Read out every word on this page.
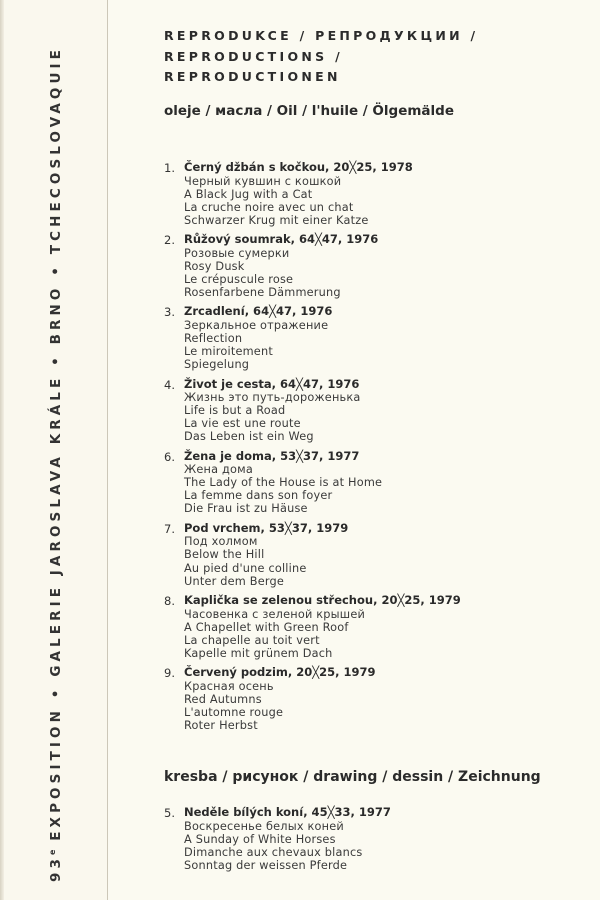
93e EXPOSITION • GALERIE JAROSLAVA KRÁLE • BRNO • TCHECOSLOVAQUIE
REPRODUKCE / РЕПРОДУКЦИИ /
REPRODUCTIONS /
REPRODUCTIONEN
oleje / масла / Oil / l'huile / Ölgemälde
1. Černý džbán s kočkou, 20╳25, 1978
Черный кувшин с кошкой
A Black Jug with a Cat
La cruche noire avec un chat
Schwarzer Krug mit einer Katze
2. Růžový soumrak, 64╳47, 1976
Розовые сумерки
Rosy Dusk
Le crépuscule rose
Rosenfarbene Dämmerung
3. Zrcadlení, 64╳47, 1976
Зеркальное отражение
Reflection
Le miroitement
Spiegelung
4. Život je cesta, 64╳47, 1976
Жизнь это путь-дороженька
Life is but a Road
La vie est une route
Das Leben ist ein Weg
6. Žena je doma, 53╳37, 1977
Жена дома
The Lady of the House is at Home
La femme dans son foyer
Die Frau ist zu Häuse
7. Pod vrchem, 53╳37, 1979
Под холмом
Below the Hill
Au pied d'une colline
Unter dem Berge
8. Kaplička se zelenou střechou, 20╳25, 1979
Часовенка с зеленой крышей
A Chapellet with Green Roof
La chapelle au toit vert
Kapelle mit grünem Dach
9. Červený podzim, 20╳25, 1979
Красная осень
Red Autumns
L'automne rouge
Roter Herbst
kresba / рисунок / drawing / dessin / Zeichnung
5. Neděle bílých koní, 45╳33, 1977
Воскресенье белых коней
A Sunday of White Horses
Dimanche aux chevaux blancs
Sonntag der weissen Pferde
